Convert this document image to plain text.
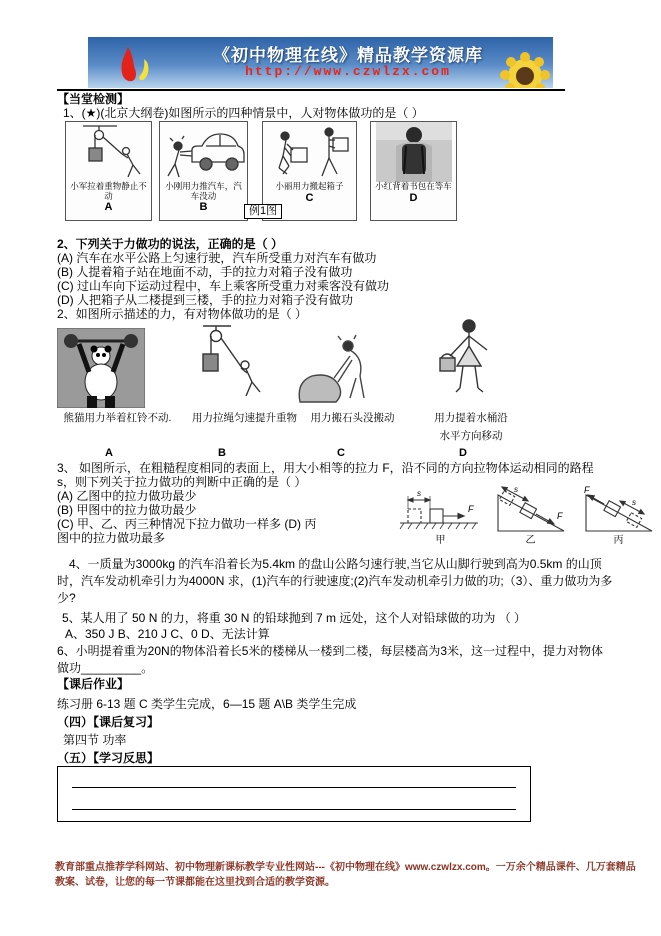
《初中物理在线》精品教学资源库
http://www.czwlzx.com
【当堂检测】
1、(★)(北京大纲卷)如图所示的四种情景中，人对物体做功的是（ ）
小军拉着重物静止不动
A
小刚用力推汽车，汽车没动
B
小丽用力搬起箱子
C
小红背着书包在等车
D
例1图
2、下列关于力做功的说法，正确的是（ ）
(A) 汽车在水平公路上匀速行驶，汽车所受重力对汽车有做功
(B) 人提着箱子站在地面不动，手的拉力对箱子没有做功
(C) 过山车向下运动过程中，车上乘客所受重力对乘客没有做功
(D) 人把箱子从二楼提到三楼，手的拉力对箱子没有做功
2、如图所示描述的力，有对物体做功的是（ ）
熊猫用力举着杠铃不动.	用力拉绳匀速提升重物	用力搬石头没搬动	用力提着水桶沿
水平方向移动
A	B	C	D
3、 如图所示，在粗糙程度相同的表面上，用大小相等的拉力 F，沿不同的方向拉物体运动相同的路程
s，则下列关于拉力做功的判断中正确的是（ ）
(A) 乙图中的拉力做功最少
(B) 甲图中的拉力做功最少
(C) 甲、乙、丙三种情况下拉力做功一样多 (D) 丙
图中的拉力做功最多
F
s
甲
F
s
乙
F
s
丙
4、一质量为3000kg 的汽车沿着长为5.4km 的盘山公路匀速行驶,当它从山脚行驶到高为0.5km 的山顶时，汽车发动机牵引力为4000N 求，(1)汽车的行驶速度;(2)汽车发动机牵引力做的功;（3）、重力做功为多少?
5、某人用了 50 N 的力，将重 30 N 的铅球抛到 7 m 远处，这个人对铅球做的功为 （ ）
A、350 J B、210 J C、0 D、无法计算
6、小明提着重为20N的物体沿着长5米的楼梯从一楼到二楼，每层楼高为3米，这一过程中，提力对物体做功_________。
【课后作业】
练习册 6-13 题 C 类学生完成，6—15 题 A\B 类学生完成
（四）【课后复习】
第四节 功率
（五）【学习反思】
教育部重点推荐学科网站、初中物理新课标教学专业性网站---《初中物理在线》www.czwlzx.com。一万余个精品课件、几万套精品教案、试卷，让您的每一节课都能在这里找到合适的教学资源。
